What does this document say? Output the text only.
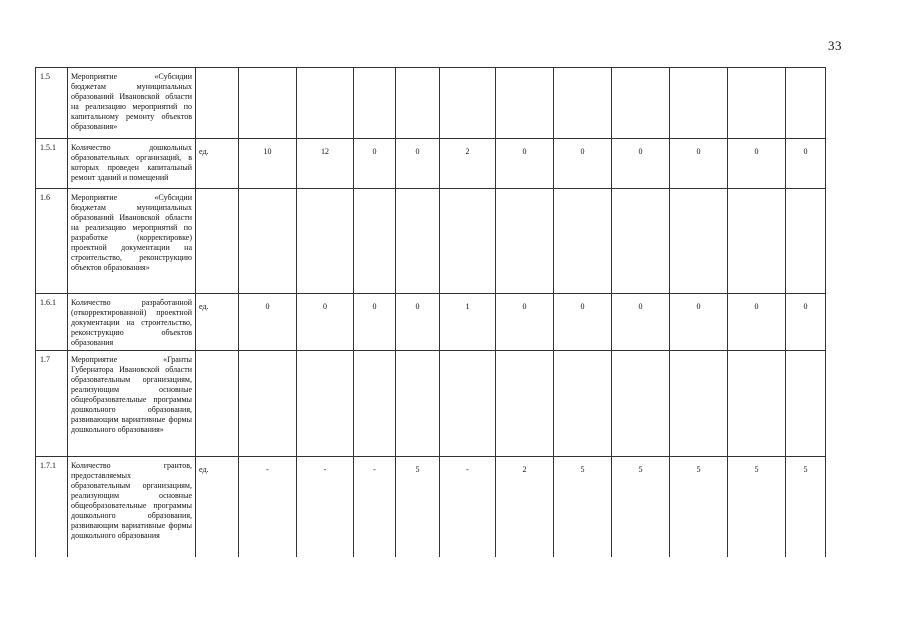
33
1.5	Мероприятие «Субсидии бюджетам муниципальных образований Ивановской области на реализацию мероприятий по капитальному ремонту объектов образования»												
1.5.1	Количество дошкольных образовательных организаций, в которых проведен капитальный ремонт зданий и помещений	ед.	10	12	0	0	2	0	0	0	0	0	0
1.6	Мероприятие «Субсидии бюджетам муниципальных образований Ивановской области на реализацию мероприятий по разработке (корректировке) проектной документации на строительство, реконструкцию объектов образования»												
1.6.1	Количество разработанной (откорректированной) проектной документации на строительство, реконструкцию объектов образования	ед.	0	0	0	0	1	0	0	0	0	0	0
1.7	Мероприятие «Гранты Губернатора Ивановской области образовательным организациям, реализующим основные общеобразовательные программы дошкольного образования, развивающим вариативные формы дошкольного образования»												
1.7.1	Количество грантов, предоставляемых образовательным организациям, реализующим основные общеобразовательные программы дошкольного образования, развивающим вариативные формы дошкольного образования	ед.	-	-	-	5	-	2	5	5	5	5	5
